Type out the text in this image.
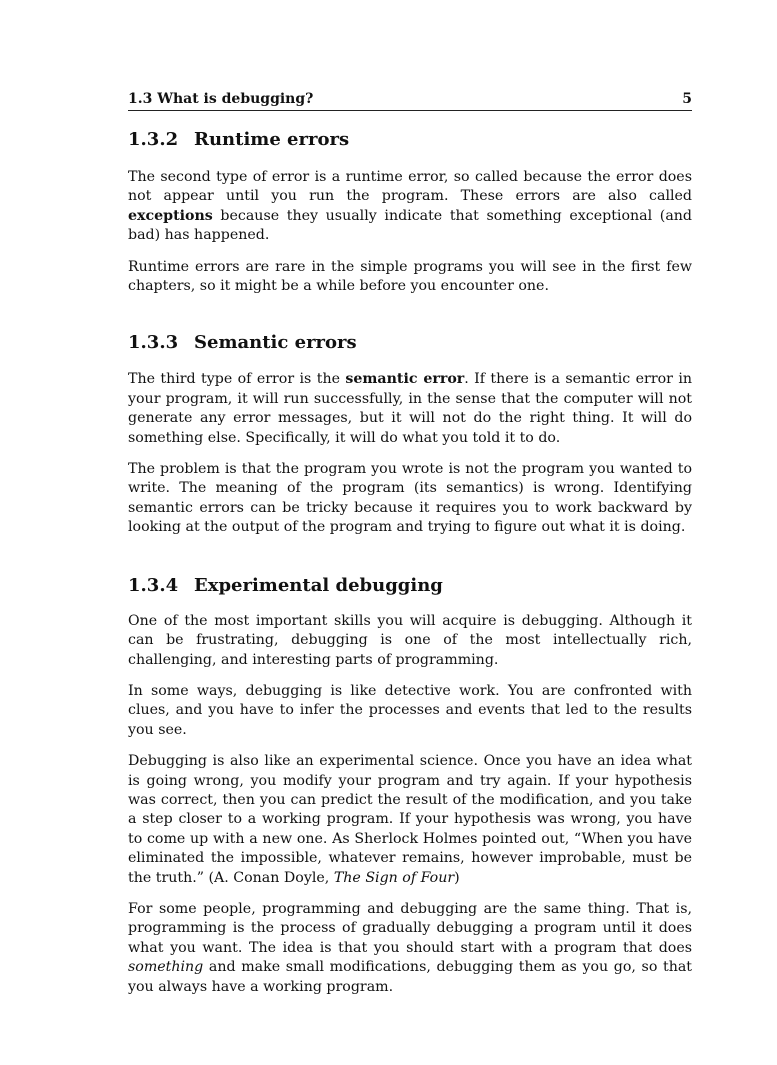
1.3 What is debugging?	5
1.3.2 Runtime errors

The second type of error is a runtime error, so called because the error does not appear until you run the program. These errors are also called exceptions because they usually indicate that something exceptional (and bad) has happened.

Runtime errors are rare in the simple programs you will see in the first few chapters, so it might be a while before you encounter one.

1.3.3 Semantic errors

The third type of error is the semantic error. If there is a semantic error in your program, it will run successfully, in the sense that the computer will not generate any error messages, but it will not do the right thing. It will do something else. Specifically, it will do what you told it to do.

The problem is that the program you wrote is not the program you wanted to write. The meaning of the program (its semantics) is wrong. Identifying semantic errors can be tricky because it requires you to work backward by looking at the output of the program and trying to figure out what it is doing.

1.3.4 Experimental debugging

One of the most important skills you will acquire is debugging. Although it can be frustrating, debugging is one of the most intellectually rich, challenging, and interesting parts of programming.

In some ways, debugging is like detective work. You are confronted with clues, and you have to infer the processes and events that led to the results you see.

Debugging is also like an experimental science. Once you have an idea what is going wrong, you modify your program and try again. If your hypothesis was correct, then you can predict the result of the modification, and you take a step closer to a working program. If your hypothesis was wrong, you have to come up with a new one. As Sherlock Holmes pointed out, “When you have eliminated the impossible, whatever remains, however improbable, must be the truth.” (A. Conan Doyle, The Sign of Four)

For some people, programming and debugging are the same thing. That is, programming is the process of gradually debugging a program until it does what you want. The idea is that you should start with a program that does something and make small modifications, debugging them as you go, so that you always have a working program.
